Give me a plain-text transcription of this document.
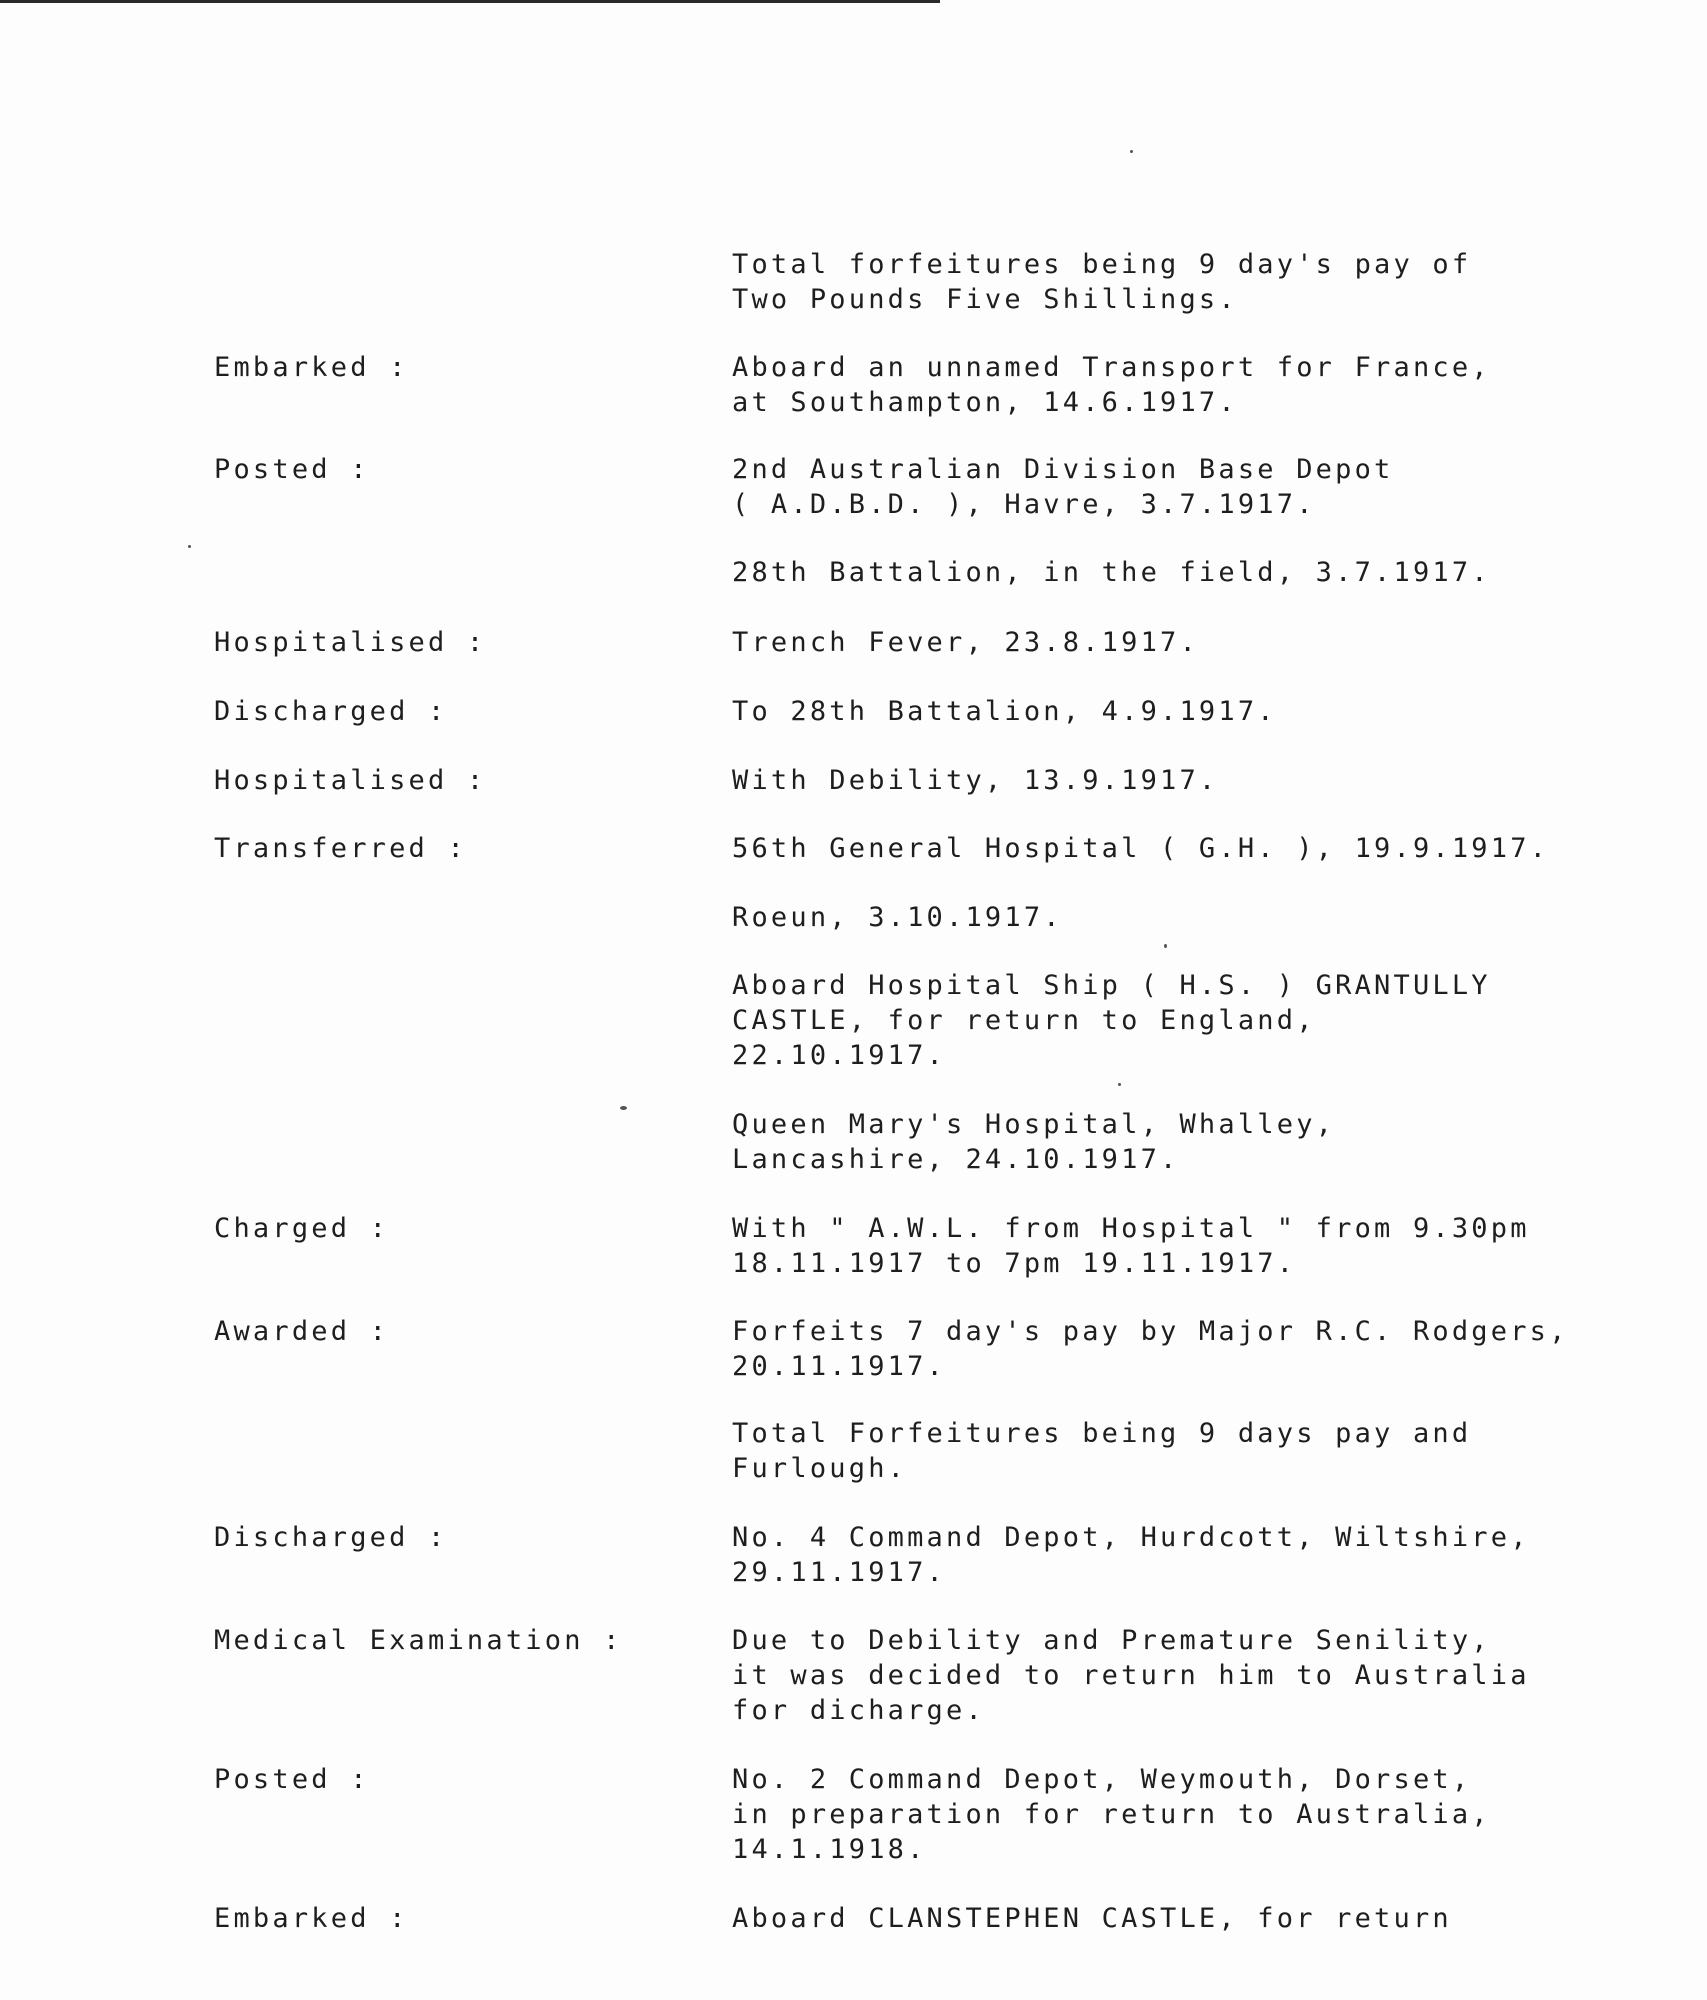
Total forfeitures being 9 day's pay of
Two Pounds Five Shillings.
Embarked :	Aboard an unnamed Transport for France,
at Southampton, 14.6.1917.
Posted :	2nd Australian Division Base Depot
( A.D.B.D. ), Havre, 3.7.1917.
28th Battalion, in the field, 3.7.1917.
Hospitalised :	Trench Fever, 23.8.1917.
Discharged :	To 28th Battalion, 4.9.1917.
Hospitalised :	With Debility, 13.9.1917.
Transferred :	56th General Hospital ( G.H. ), 19.9.1917.
Roeun, 3.10.1917.
Aboard Hospital Ship ( H.S. ) GRANTULLY
CASTLE, for return to England,
22.10.1917.
Queen Mary's Hospital, Whalley,
Lancashire, 24.10.1917.
Charged :	With " A.W.L. from Hospital " from 9.30pm
18.11.1917 to 7pm 19.11.1917.
Awarded :	Forfeits 7 day's pay by Major R.C. Rodgers,
20.11.1917.
Total Forfeitures being 9 days pay and
Furlough.
Discharged :	No. 4 Command Depot, Hurdcott, Wiltshire,
29.11.1917.
Medical Examination :	Due to Debility and Premature Senility,
it was decided to return him to Australia
for dicharge.
Posted :	No. 2 Command Depot, Weymouth, Dorset,
in preparation for return to Australia,
14.1.1918.
Embarked :	Aboard CLANSTEPHEN CASTLE, for return
